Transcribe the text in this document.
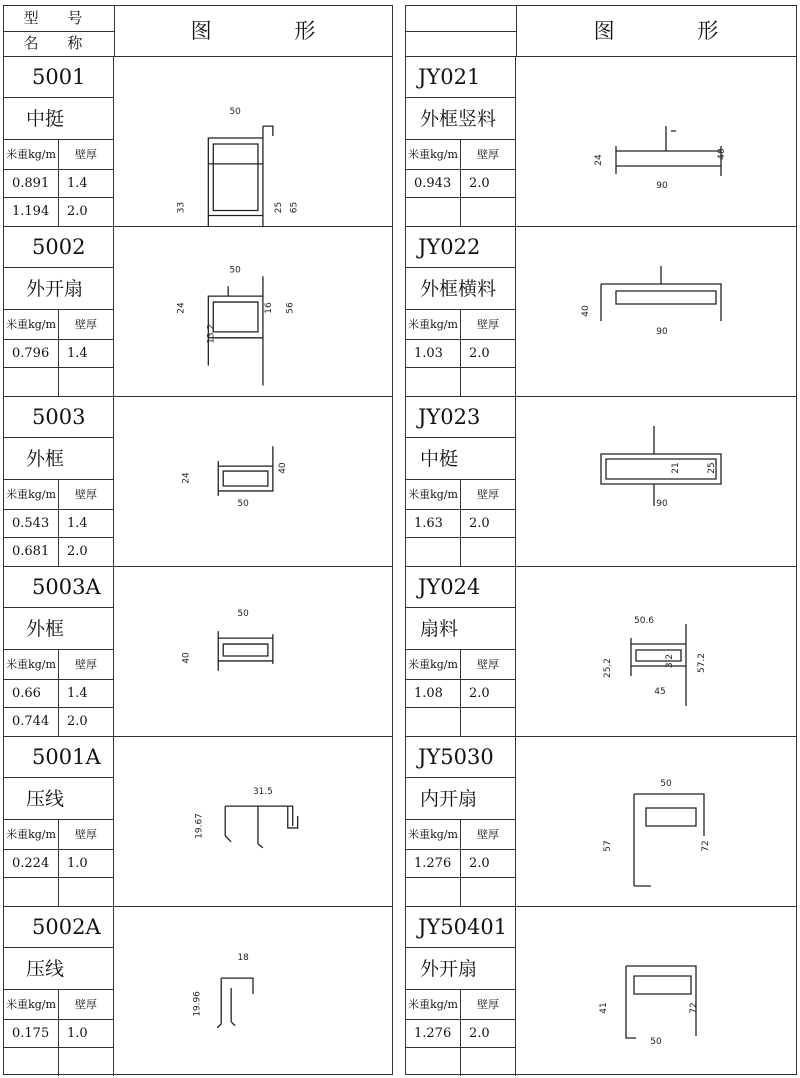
型 号
名 称	图 形
5001
中挺
米重kg/m	壁厚
0.891	1.4
1.194	2.0
50
33	25 65
5002
外开扇
米重kg/m	壁厚
0.796	1.4
50
24	16 56
13.2
5003
外框
米重kg/m	壁厚
0.543	1.4
0.681	2.0
24
40
50
5003A
外框
米重kg/m	壁厚
0.66	1.4
0.744	2.0
50
40
5001A
压线
米重kg/m	壁厚
0.224	1.0
31.5
19.67
5002A
压线
米重kg/m	壁厚
0.175	1.0
18
19.96
图 形
JY021
外框竖料
米重kg/m	壁厚
0.943	2.0
24
40
90
JY022
外框横料
米重kg/m	壁厚
1.03	2.0
40
90
JY023
中梃
米重kg/m	壁厚
1.63	2.0
21	25
90
JY024
扇料
米重kg/m	壁厚
1.08	2.0
50.6
25.2	3.2 57.2
45
JY5030
内开扇
米重kg/m	壁厚
1.276	2.0
50
57	72
JY50401
外开扇
米重kg/m	壁厚
1.276	2.0
41	72
50
